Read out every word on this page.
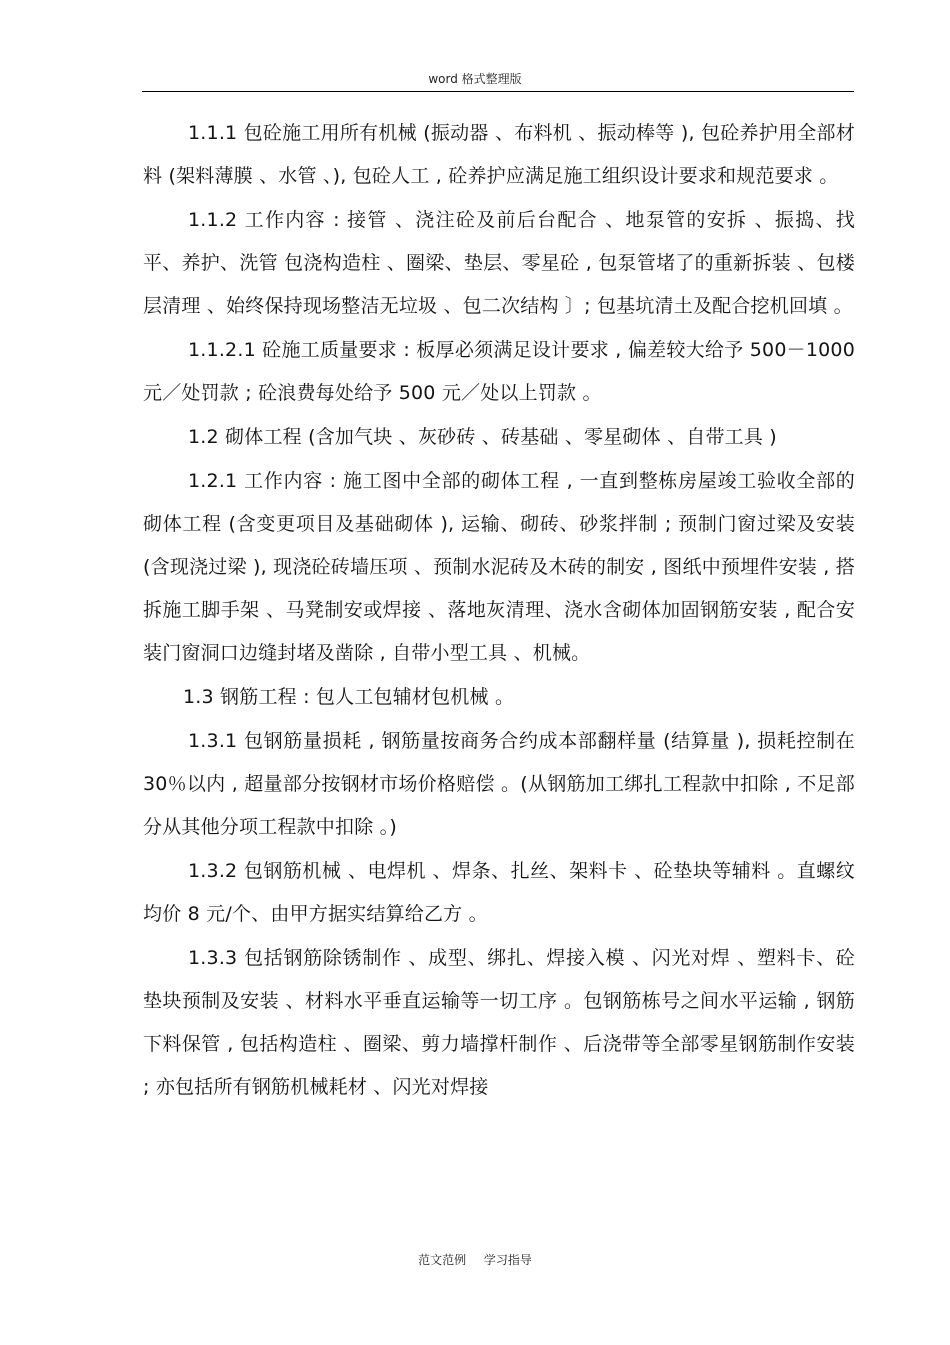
word 格式整理版

1.1.1 包砼施工用所有机械 (振动器 、布料机 、振动棒等 ), 包砼养护用全部材料 (架料薄膜 、水管 、), 包砼人工 , 砼养护应满足施工组织设计要求和规范要求 。

1.1.2 工作内容 : 接管 、浇注砼及前后台配合 、地泵管的安拆 、振捣、找平、养护、洗管 包浇构造柱 、圈梁、垫层、零星砼 , 包泵管堵了的重新拆装 、包楼层清理 、始终保持现场整洁无垃圾 、包二次结构 〕; 包基坑清土及配合挖机回填 。

1.1.2.1 砼施工质量要求 : 板厚必须满足设计要求 , 偏差较大给予 500－1000 元／处罚款 ; 砼浪费每处给予 500 元／处以上罚款 。

1.2 砌体工程 (含加气块 、灰砂砖 、砖基础 、零星砌体 、自带工具 )

1.2.1 工作内容 : 施工图中全部的砌体工程 , 一直到整栋房屋竣工验收全部的砌体工程 (含变更项目及基础砌体 ), 运输、砌砖、砂浆拌制 ; 预制门窗过梁及安装 (含现浇过梁 ), 现浇砼砖墙压项 、预制水泥砖及木砖的制安 , 图纸中预埋件安装 , 搭拆施工脚手架 、马凳制安或焊接 、落地灰清理、浇水含砌体加固钢筋安装 , 配合安装门窗洞口边缝封堵及凿除 , 自带小型工具 、机械。

1.3 钢筋工程 : 包人工包辅材包机械 。

1.3.1 包钢筋量损耗 , 钢筋量按商务合约成本部翻样量 (结算量 ), 损耗控制在 30％以内 , 超量部分按钢材市场价格赔偿 。(从钢筋加工绑扎工程款中扣除 , 不足部分从其他分项工程款中扣除 。)

1.3.2 包钢筋机械 、电焊机 、焊条、扎丝、架料卡 、砼垫块等辅料 。直螺纹均价 8 元/个、由甲方据实结算给乙方 。

1.3.3 包括钢筋除锈制作 、成型、绑扎、焊接入模 、闪光对焊 、塑料卡、砼垫块预制及安装 、材料水平垂直运输等一切工序 。包钢筋栋号之间水平运输 , 钢筋下料保管 , 包括构造柱 、圈梁、剪力墙撑杆制作 、后浇带等全部零星钢筋制作安装 ; 亦包括所有钢筋机械耗材 、闪光对焊接

范文范例 学习指导
